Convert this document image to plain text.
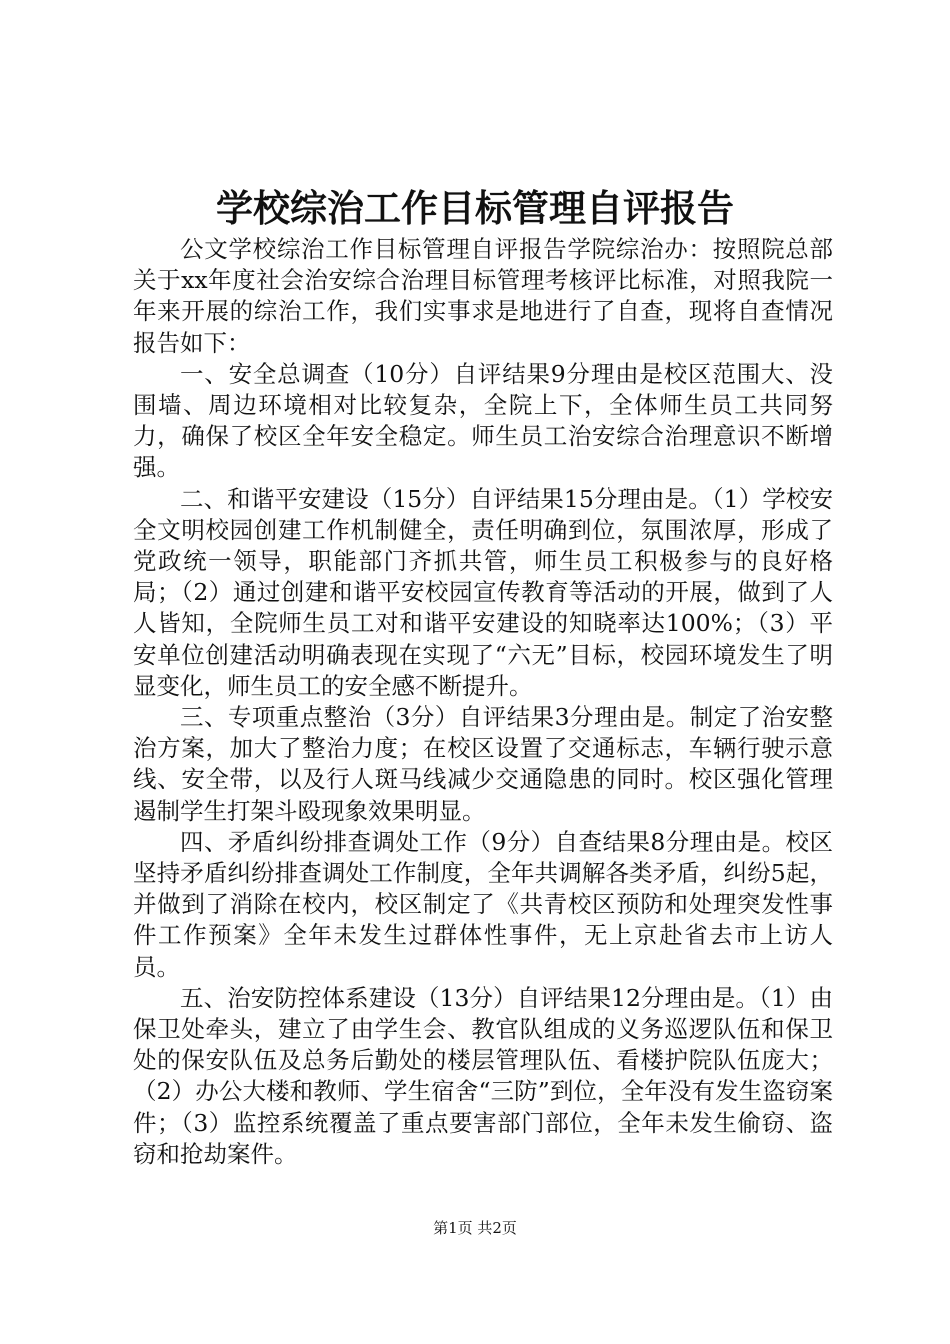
学校综治工作目标管理自评报告

公文学校综治工作目标管理自评报告学院综治办：按照院总部关于xx年度社会治安综合治理目标管理考核评比标准，对照我院一年来开展的综治工作，我们实事求是地进行了自查，现将自查情况报告如下：

一、安全总调查（10分）自评结果9分理由是校区范围大、没围墙、周边环境相对比较复杂，全院上下，全体师生员工共同努力，确保了校区全年安全稳定。师生员工治安综合治理意识不断增强。

二、和谐平安建设（15分）自评结果15分理由是。（1）学校安全文明校园创建工作机制健全，责任明确到位，氛围浓厚，形成了党政统一领导，职能部门齐抓共管，师生员工积极参与的良好格局；（2）通过创建和谐平安校园宣传教育等活动的开展，做到了人人皆知，全院师生员工对和谐平安建设的知晓率达100%；（3）平安单位创建活动明确表现在实现了“六无”目标，校园环境发生了明显变化，师生员工的安全感不断提升。

三、专项重点整治（3分）自评结果3分理由是。制定了治安整治方案，加大了整治力度；在校区设置了交通标志，车辆行驶示意线、安全带，以及行人斑马线减少交通隐患的同时。校区强化管理遏制学生打架斗殴现象效果明显。

四、矛盾纠纷排查调处工作（9分）自查结果8分理由是。校区坚持矛盾纠纷排查调处工作制度，全年共调解各类矛盾，纠纷5起，并做到了消除在校内，校区制定了《共青校区预防和处理突发性事件工作预案》全年未发生过群体性事件，无上京赴省去市上访人员。

五、治安防控体系建设（13分）自评结果12分理由是。（1）由保卫处牵头，建立了由学生会、教官队组成的义务巡逻队伍和保卫处的保安队伍及总务后勤处的楼层管理队伍、看楼护院队伍庞大；（2）办公大楼和教师、学生宿舍“三防”到位，全年没有发生盗窃案件；（3）监控系统覆盖了重点要害部门部位，全年未发生偷窃、盗窃和抢劫案件。

第1页 共2页
